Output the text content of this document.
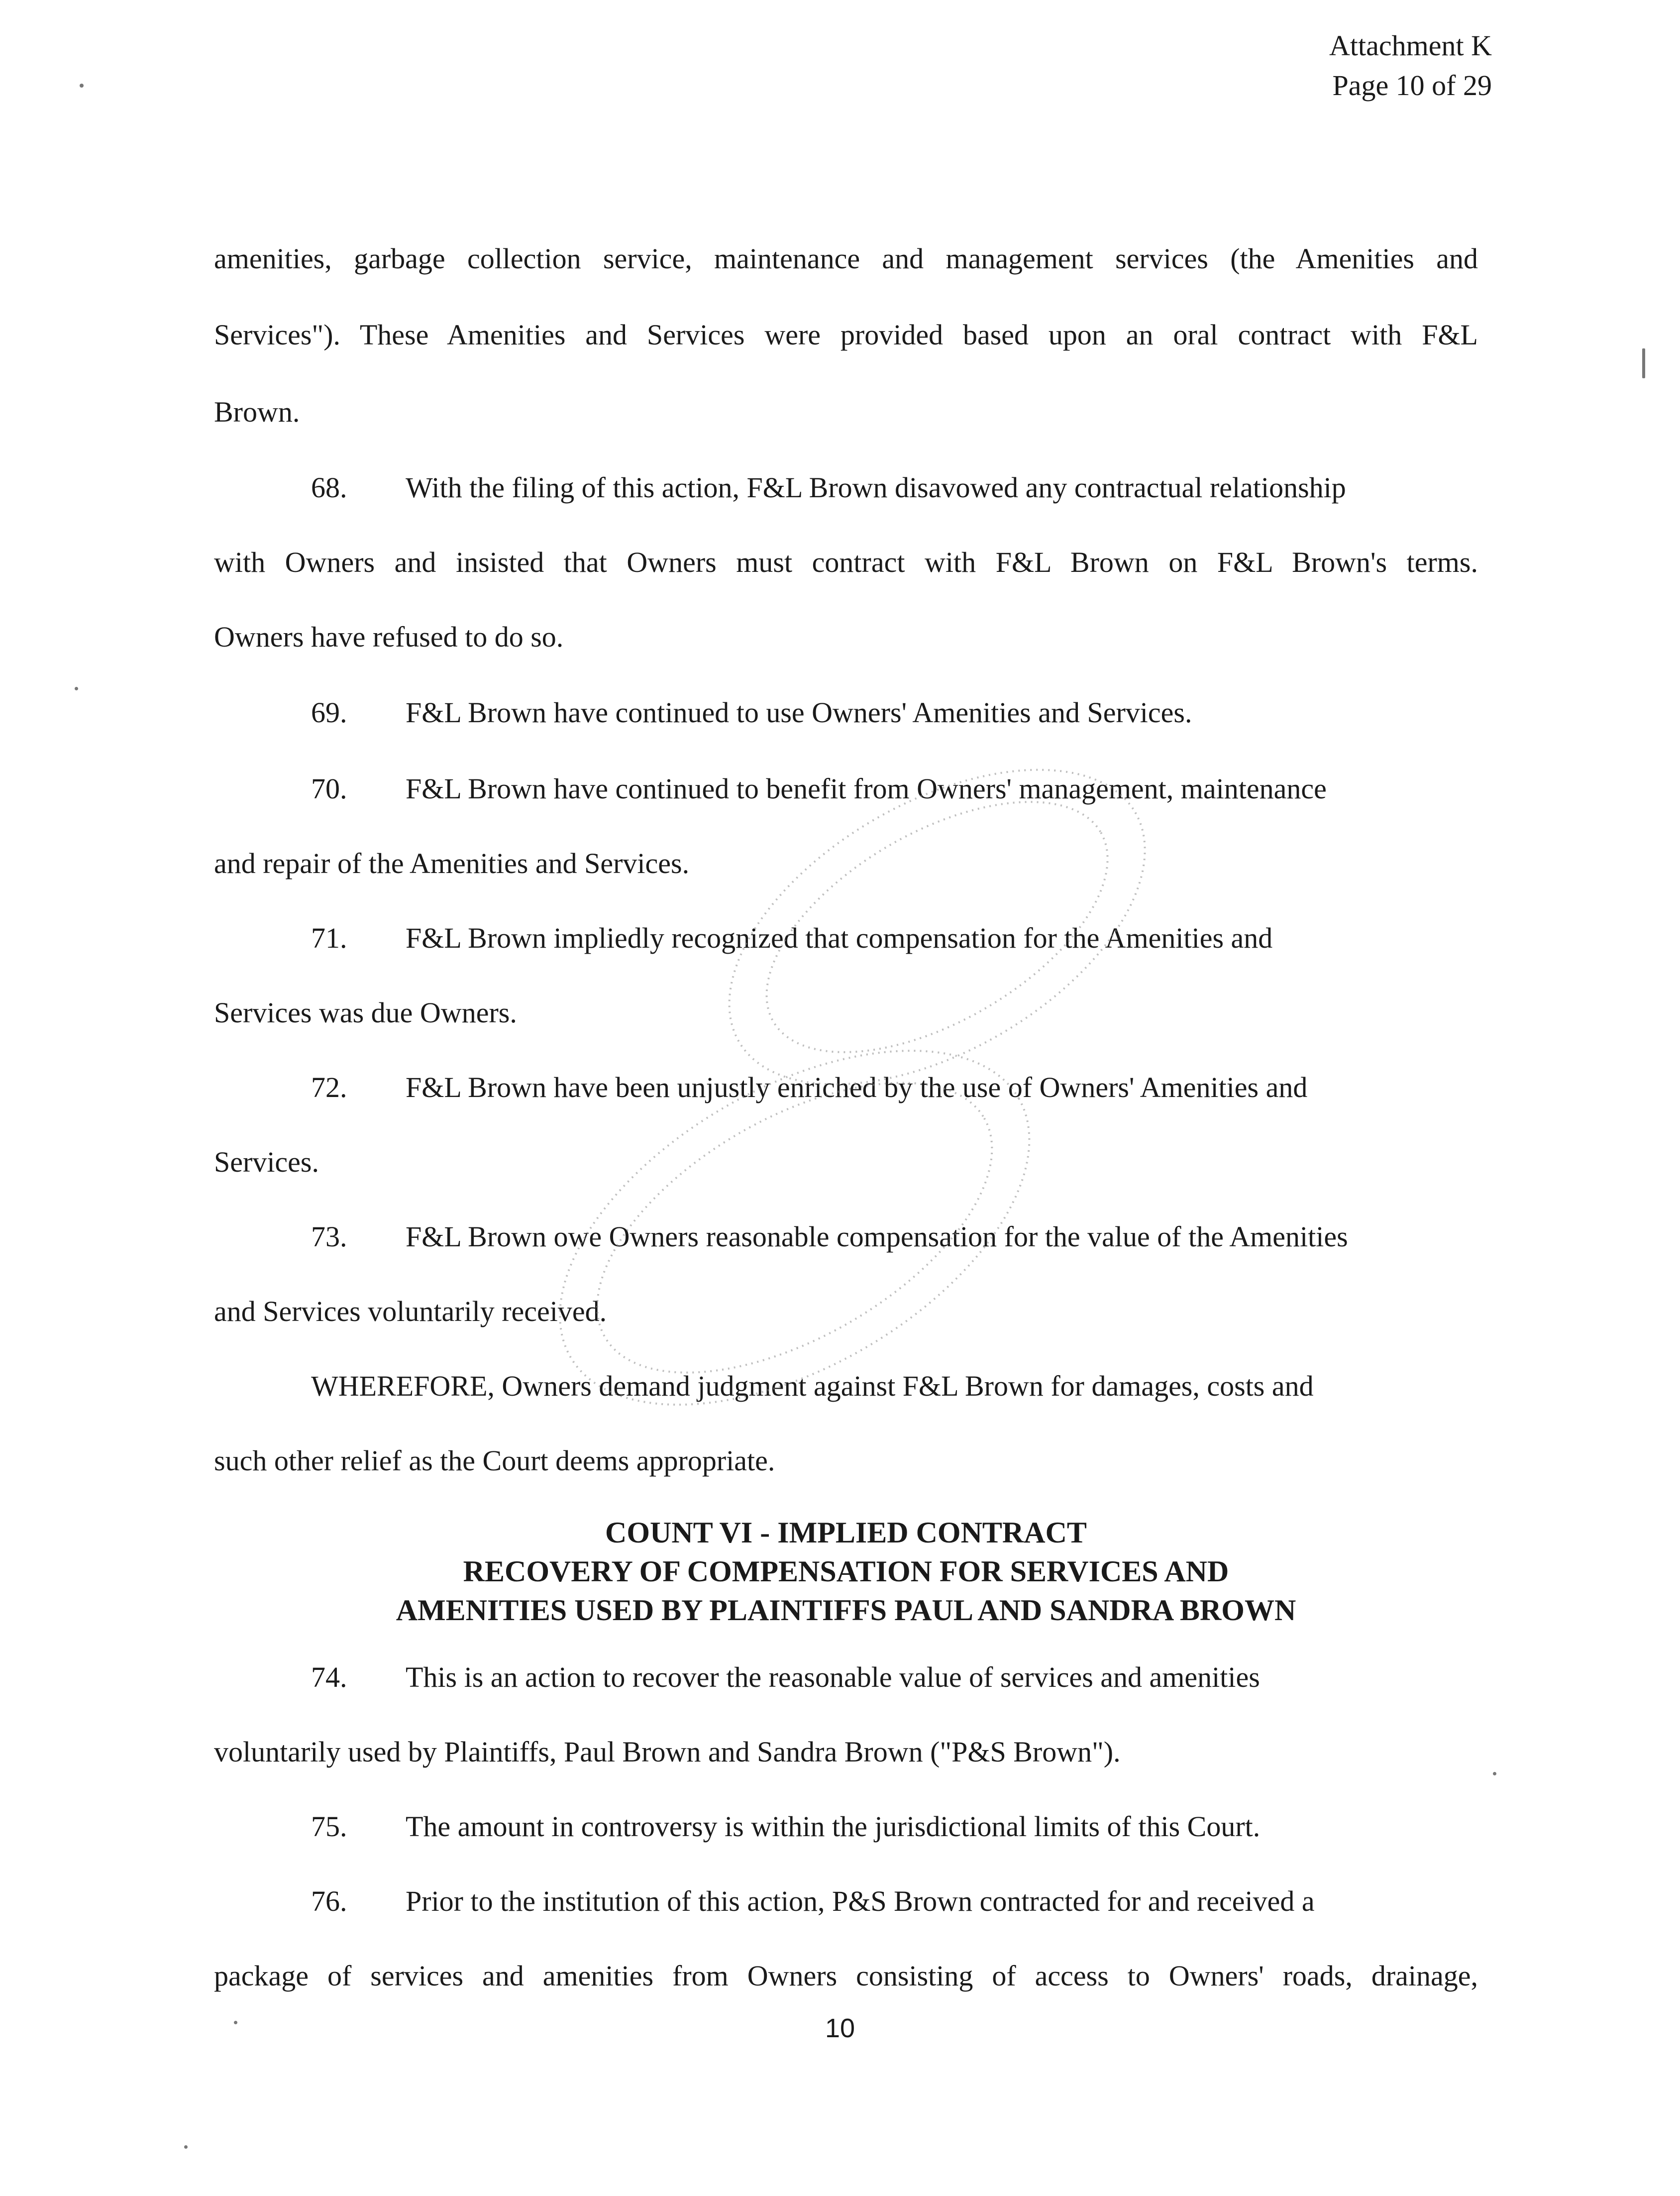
Attachment K
Page 10 of 29
amenities, garbage collection service, maintenance and management services (the Amenities and
Services"). These Amenities and Services were provided based upon an oral contract with F&L
Brown.
68. With the filing of this action, F&L Brown disavowed any contractual relationship
with Owners and insisted that Owners must contract with F&L Brown on F&L Brown's terms.
Owners have refused to do so.
69. F&L Brown have continued to use Owners' Amenities and Services.
70. F&L Brown have continued to benefit from Owners' management, maintenance
and repair of the Amenities and Services.
71. F&L Brown impliedly recognized that compensation for the Amenities and
Services was due Owners.
72. F&L Brown have been unjustly enriched by the use of Owners' Amenities and
Services.
73. F&L Brown owe Owners reasonable compensation for the value of the Amenities
and Services voluntarily received.
WHEREFORE, Owners demand judgment against F&L Brown for damages, costs and
such other relief as the Court deems appropriate.
COUNT VI - IMPLIED CONTRACT
RECOVERY OF COMPENSATION FOR SERVICES AND
AMENITIES USED BY PLAINTIFFS PAUL AND SANDRA BROWN
74. This is an action to recover the reasonable value of services and amenities
voluntarily used by Plaintiffs, Paul Brown and Sandra Brown ("P&S Brown").
75. The amount in controversy is within the jurisdictional limits of this Court.
76. Prior to the institution of this action, P&S Brown contracted for and received a
package of services and amenities from Owners consisting of access to Owners' roads, drainage,
10
